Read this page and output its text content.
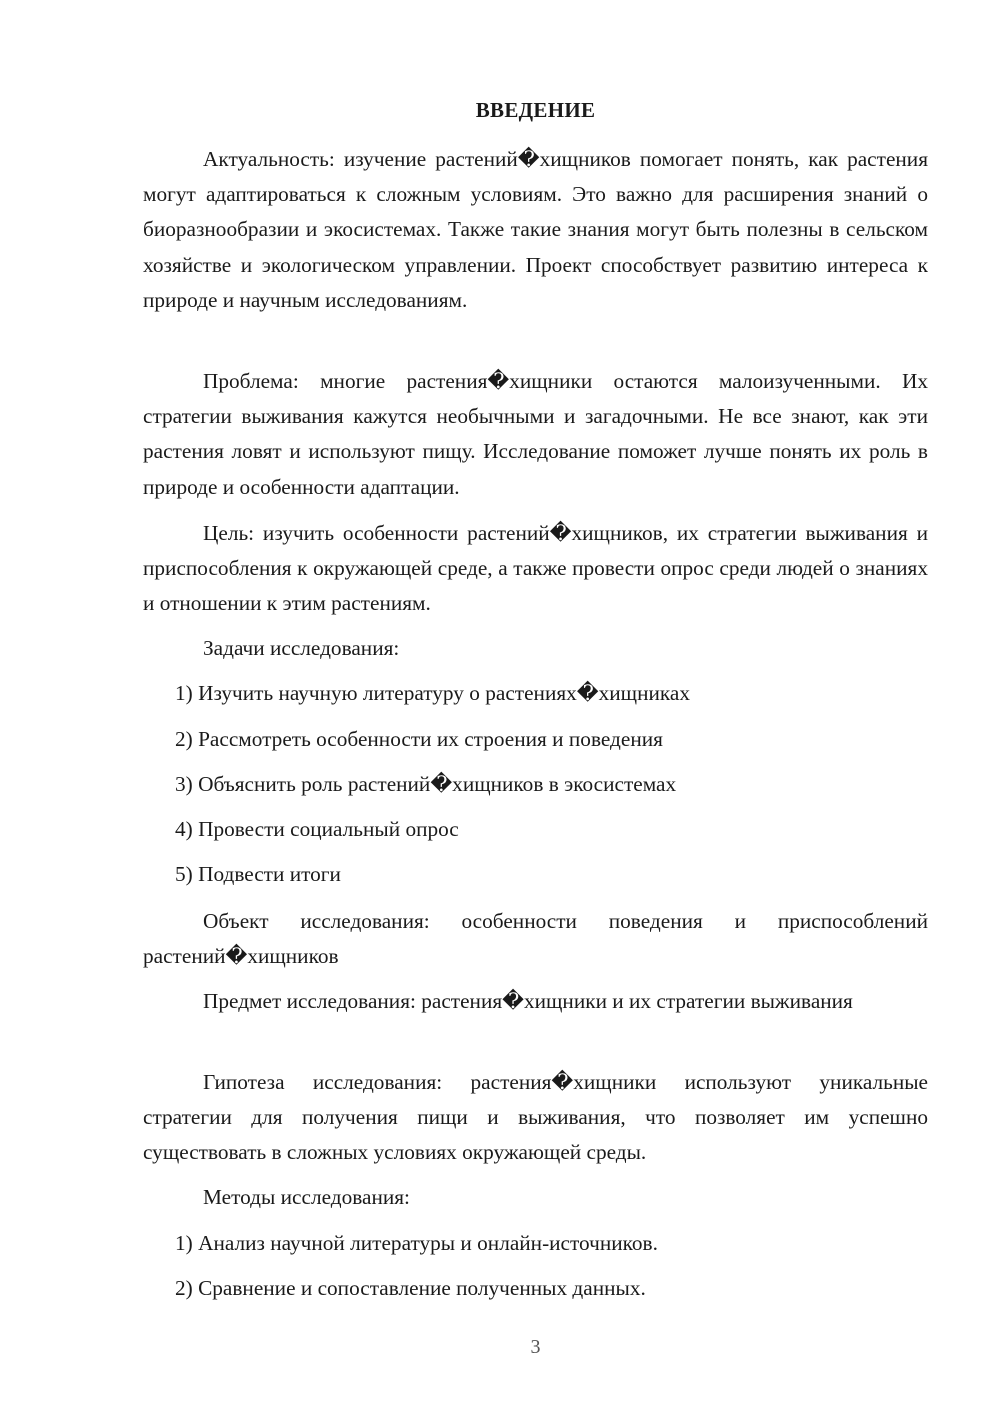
ВВЕДЕНИЕ

Актуальность: изучение растений�хищников помогает понять, как растения могут адаптироваться к сложным условиям. Это важно для расширения знаний о биоразнообразии и экосистемах. Также такие знания могут быть полезны в сельском хозяйстве и экологическом управлении. Проект способствует развитию интереса к природе и научным исследованиям.

Проблема: многие растения�хищники остаются малоизученными. Их стратегии выживания кажутся необычными и загадочными. Не все знают, как эти растения ловят и используют пищу. Исследование поможет лучше понять их роль в природе и особенности адаптации.

Цель: изучить особенности растений�хищников, их стратегии выживания и приспособления к окружающей среде, а также провести опрос среди людей о знаниях и отношении к этим растениям.

Задачи исследования:

1) Изучить научную литературу о растениях�хищниках

2) Рассмотреть особенности их строения и поведения

3) Объяснить роль растений�хищников в экосистемах

4) Провести социальный опрос

5) Подвести итоги

Объект исследования: особенности поведения и приспособлений растений�хищников

Предмет исследования: растения�хищники и их стратегии выживания

Гипотеза исследования: растения�хищники используют уникальные стратегии для получения пищи и выживания, что позволяет им успешно существовать в сложных условиях окружающей среды.

Методы исследования:

1) Анализ научной литературы и онлайн-источников.

2) Сравнение и сопоставление полученных данных.

3
